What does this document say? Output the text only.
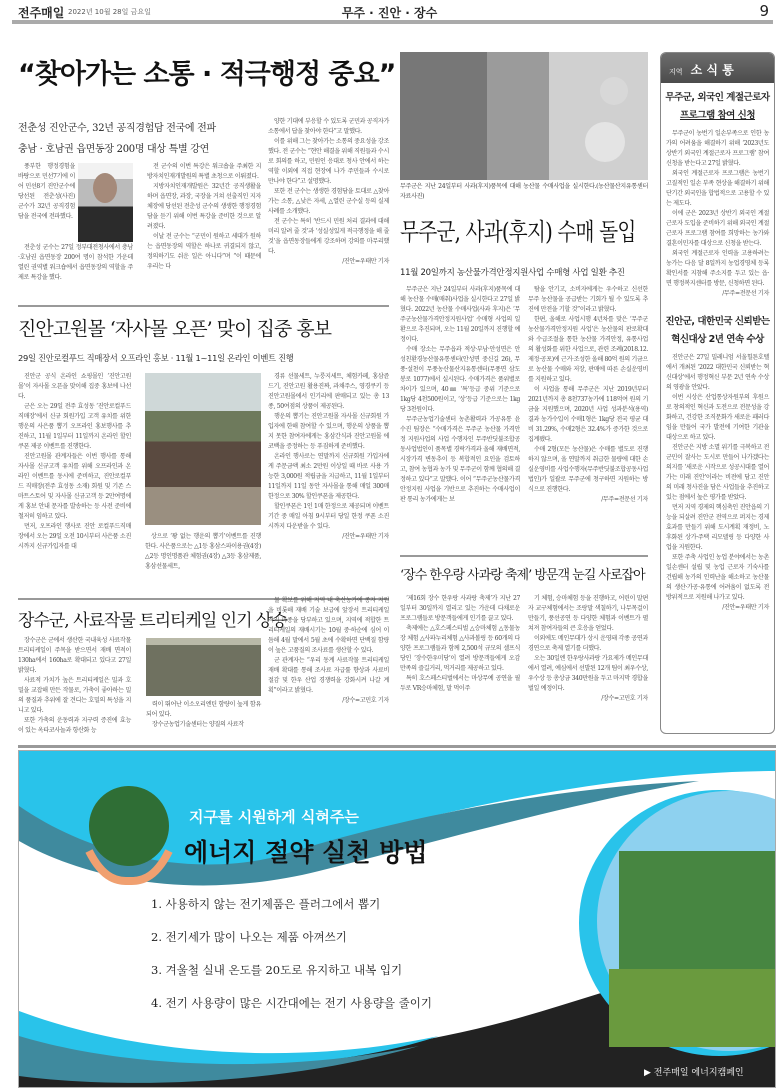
무주 · 진안 · 장수
전주매일 2022년 10월 28일 금요일	9
“찾아가는 소통 · 적극행정 중요”
전춘성 진안군수, 32년 공직경험담 전국에 전파
충남 · 호남권 읍면동장 200명 대상 특별 강연

풍부한 행정경험을 바탕으로 민선7기에 이어 민선8기 진안군수에 당선된 전춘성(사진) 군수가 32년 공직경험담을 전국에 전파했다.

전춘성 군수는 27일 정부대전청사에서 충남·호남권 읍면동장 200여 명이 참석한 가운데 열린 권역별 워크숍에서 읍면동장의 역할을 주제로 특강을 했다.

전 군수의 이번 특강은 워크숍을 주최한 지방자치인재개발원의 특별 초청으로 이뤄졌다.

지방자치인재개발원은 32년간 공직생활을 하며 읍면장, 과장, 국장을 거쳐 선출직인 지자체장에 당선된 전춘성 군수의 생생한 행정경험담을 듣기 위해 이번 특강을 준비한 것으로 알려졌다.

이날 전 군수는 “군민이 원하고 세대가 원하는 읍면동장의 역할은 하나로 귀결되지 않고, 정의하기도 쉬운 일은 아니다”며 “이 때문에 우리는 다

양한 기대에 부응할 수 있도록 군민과 공직자가 소통에서 답을 찾아야 한다”고 말했다.

이를 위해 그는 찾아가는 소통의 중요성을 강조했다. 전 군수는 “현안 해결을 위해 직원들과 수시로 회의를 하고, 민원인 응대로 청사 안에서 하는 역할 이외에 직접 현장에 나가 주민들과 수시로 만나야 한다”고 설명했다.

또한 전 군수는 생생한 경험담을 토대로 △찾아가는 소통, △낮은 자세, △열린 군수실 등의 실제 사례를 소개했다.

전 군수는 특히 ‘반드시 민원 처리 결과에 대해 미리 알려 줄 것’과 ‘성실성있게 적극행정을 해 줄 것’을 읍면동장들에게 강조하며 강의를 마무리했다.

/진안=우태만 기자

진안고원몰 ‘자사몰 오픈’ 맞이 집중 홍보
29일 진안로컬푸드 직매장서 오프라인 홍보 · 11월 1~11일 온라인 이벤트 진행

진안군 공식 온라인 쇼핑몰인 ‘진안고원몰’이 자사몰 오픈을 맞이해 집중 홍보에 나선다.

군은 오는 29일 전주 효성동 ‘진안로컬푸드 직매장’에서 신규 회원가입 고객 유치를 위한 행운의 사은품 뽑기 오프라인 홍보행사를 추진하고, 11월 1일부터 11일까지 온라인 할인 쿠폰 제공 이벤트를 진행한다.

진안고원몰 관계자들은 이번 행사를 통해 자사몰 신규고객 유치를 위해 오프라인과 온라인 이벤트를 동시에 준비하고, 진안로컬푸드 직매장(전주 효성동 소재) 회원 및 기존 스마트스토어 및 자사몰 신규고객 등 2만여명에게 홍보 안내 문자를 발송하는 등 사전 준비에 철저히 임하고 있다.

먼저, 오프라인 행사로 진안 로컬푸드직매장에서 오는 29일 오전 10시부터 사은품 소진 시까지 신규가입자를 대

상으로 ‘꽝 없는 행운의 뽑기’이벤트를 진행한다. 사은품으로는 △1등 홍삼스파이용권(4장) △2등 명인명품관 체험권(4장) △3등 홍삼제품, 홍삼선물세트,

경류 선물세트, 누룽지세트, 체험카페, 홍삼쥰드기, 진안고원 활용진짜, 과채주스, 영경쿠키 등 진안고원몰에서 인기리에 판매되고 있는 총 13종, 50여점의 상품이 제공된다.

행운의 뽑기는 진안고원몰 자사몰 신규회원 가입자에 한해 참여할 수 있으며, 행운의 상품을 뽑지 못한 참여자에게는 홍삼간식과 진안고원몰 에코백을 증정하는 등 푸짐하게 준비했다.

온라인 행사로는 연말까지 신규회원 가입자에게 주문금액 최소 2만원 이상일 때 바로 사용 가능한 3,000원 적립금을 지급하고, 11월 1일부터 11일까지 11일 동안 자사몰을 통해 매일 300매 한정으로 30% 할인쿠폰을 제공한다.

할인쿠폰은 1인 1매 한정으로 제공되며 이벤트 기간 중 매일 아침 9시부터 당일 한정 쿠폰 소진 시까지 다운받을 수 있다.

/진안=우태만 기자

장수군, 사료작물 트리티케일 인기 상승

장수군은 군에서 생산한 국내육성 사료작물 트리티케일이 주목을 받으면서 재배 면적이 130ha에서 160ha로 확대되고 있다고 27일 밝혔다.

사료적 가치가 높은 트리티케일은 밀과 호밀을 교잡해 만든 작물로, 가축이 좋아하는 밀의 품질과 추위에 잘 견디는 호밀의 특성을 지니고 있다.

또한 가축의 운동력과 지구력 증진에 효능이 있는 옥타코사놀과 항산화 능

력이 뛰어난 이소오리엔틴 함량이 높게 함유되어 있다.

장수군농업기술센터는 양질의 사료작

물 확보를 위해 지역 내 축산농가에 종자 지원을 비롯해 재배 기술 보급에 앞장서 트리티케일 적기 파종을 당부하고 있으며, 지역에 적합한 트리티케일의 재배시기는 10월 중·하순에 심어 이듬해 4월 말에서 5월 초에 수확하면 단백질 함량이 높은 고품질의 조사료를 생산할 수 있다.

군 관계자는 “우리 동계 사료작물 트리티케일 재배 확대를 통해 조사료 자급률 향상과 사료비 절감 및 한우 산업 경쟁력을 강화시켜 나갈 계획”이라고 밝혔다.

/장수=고민호 기자

무주군은 지난 24일부터 사과(후지)품목에 대해 농산물 수매사업을 실시한다.(농산물산지유통센터 자료사진)
무주군, 사과(후지) 수매 돌입
11월 20일까지 농산물가격안정지원사업 수매형 사업 일환 추진

무주군은 지난 24일부터 사과(후지)품목에 대해 농산물 수매(매취)사업을 실시한다고 27일 밝혔다. 2022년 농산물 수매사업(사과 후지)은 ‘무주군농산물가격안정지원사업’ 수매형 사업의 일환으로 추진되며, 오는 11월 20일까지 진행할 예정이다.

수매 장소는 무주읍과 적상·부남·안성면은 안성친환경농산물유통센터(안성면 중신길 26), 무풍·설천이 무풍농산물산지유통센터(무풍면 삼도봉로 1077)에서 실시된다. 수매가격은 품위별로 차이가 있으며, 40㎜ ‘특’등급 중위 기준으로 1kg당 4천500원이고, ‘상’등급 기준으로는 1kg당 3천원이다.

무주군농업기술센터 농촌활력과 가공유통 윤수진 팀장은 “수매가격은 무주군 농산물 가격안정 지원사업의 사업 수행자인 무주반딧불조합공동사업법인이 품목별 경락가격과 올해 재배면적, 시장가격 변동추이 등 복합적인 요인을 검토하고, 참여 농협과 농가 및 무주군이 함께 협의해 결정하고 있다”고 말했다. 이어 “무주군농산물가격안정지원 사업을 기반으로 추진하는 수매사업이 판 통리 농가에게는 보

탐을 안기고, 소비자에게는 우수하고 신선한 무주 농산물을 공급받는 기회가 될 수 있도록 추진에 만전을 기할 것”이라고 밝혔다.

한편, 올해로 사업시행 4년차를 맞은 ‘무주군농산물가격안정지원 사업’은 농산물의 판로확대와 수급조절을 통한 농산물 가격안정, 유통사업의 활성화를 위한 사업으로, 관련 조례(2018.12. 제정·공포)에 근거·조성한 올해 80억 원의 기금으로 농산물 수매와 저장, 판매에 따른 손실운영비를 지원하고 있다.

이 사업을 통해 무주군은 지난 2019년부터 2021년까지 총 8천737농가에 118억여 원의 기금을 지원했으며, 2020년 사업 성과분석(용역) 결과 농가수입이 수매1형은 1kg당 전국 평균 대비 31.29%, 수매2형은 32.4%가 증가한 것으로 집계됐다.

수매 2형(모든 농산물)은 수매를 별도로 진행하지 않으며, 올 연말까지 취급한 물량에 대한 손실운영비를 사업수행자(무주반딧불조합공동사업법인)가 일괄로 무주군에 청구하면 지원하는 방식으로 진행한다.

/무주=전문선 기자

‘장수 한우랑 사과랑 축제’ 방문객 눈길 사로잡아

‘제16회 장수 한우랑 사과랑 축제’가 지난 27일부터 30일까지 열리고 있는 가운데 다채로운 프로그램들로 방문객들에게 인기를 끌고 있다.

축제에는 △호스페스티벌 △승마체험 △동물농장 체험 △사파누리체험 △사과볼링 등 60개의 다양한 프로그램들과 함께 2,500석 규모의 셀프식당인 ‘장수한우미당’이 열려 방문객들에게 오감만족의 즐길거리, 먹거리를 제공하고 있다.

특히 호스페스티벌에서는 마상무예 공연을 필두로 VR승마체험, 말 먹이주

기 체험, 승마체험 등을 진행하고, 어린이 말편자 교구체험에서는 조랑말 색칠하기, 나무목걸이 만들기, 풍선공연 등 다양한 체험과 이벤트가 펼쳐져 참여자들의 큰 호응을 얻었다.

이외에도 메인무대가 상시 운영돼 각종 공연과 경연으로 축제 열기를 더했다.

오는 30일엔 한우랑사과랑 가요제가 메인무대에서 열려, 예심에서 선발된 12개 팀이 최우수상, 우수상 등 총상금 340만원을 두고 마지막 경합을 벌일 예정이다.

/장수=고민호 기자

지역 소 식 통
무주군, 외국인 계절근로자
프로그램 참여 신청

무주군이 농번기 일손부족으로 인한 농가의 어려움을 해결하기 위해 ‘2023년도 상반기 외국인 계절근로자 프로그램’ 참여 신청을 받는다고 27일 밝혔다.

외국인 계절근로자 프로그램은 농번기 고질적인 일손 부족 현상을 해결하기 위해 단기간 외국인을 합법적으로 고용할 수 있는 제도다.

이에 군은 2023년 상반기 외국인 계절근로자 도입을 준비하기 위해 외국인 계절근로자 프로그램 참여를 희망하는 농가와 결혼이민자를 대상으로 신청을 받는다.

외국인 계절근로자 인력을 고용하려는 농가는 다음 달 8일까지 농업경영체 등록 확인서를 지참해 주소지를 두고 있는 읍·면 행정복지센터를 방문, 신청하면 된다.

/무주=전문선 기자

진안군, 대한민국 신뢰받는
혁신대상 2년 연속 수상

진안군은 27일 밀레니엄 서울힐튼호텔에서 개최된 ‘2022 대한민국 신뢰받는 혁신대상’에서 행정혁신 부문 2년 연속 수상의 영광을 안았다.

이번 시상은 산업통상자원부의 후원으로 창의적인 혁신과 도전으로 전문성을 강화하고, 건강한 조직문화가 새로운 패러다임을 만들어 국가 발전에 기여한 기관을 대상으로 하고 있다.

진안군은 지방 소멸 위기를 극복하고 전 군민이 잘사는 도시로 만들어 나가겠다는 의지를 ‘새로운 시작으로 성공시대를 열어가는 미래 진안’이라는 비전에 담고 진안의 미래 청사진을 담은 사업들을 추진하고 있는 점에서 높은 평가를 받았다.

먼저 지역 경제의 핵심축인 진안읍의 기능을 되살려 진안군 전역으로 퍼지는 경제효과를 만들기 위해 도시계획 재정비, 노후화된 상가·주택 리모델링 등 다양한 사업을 지원한다.

또한 주축 사업인 농업 분야에서는 농촌일손센터 설립 및 농업 근로자 기숙사를 건립해 농가의 인력난을 해소하고 농산물의 생산·가공·유통에 어려움이 없도록 전방위적으로 지원해 나가고 있다.

/진안=우태만 기자

지구를 시원하게 식혀주는
에너지 절약 실천 방법
1. 사용하지 않는 전기제품은 플러그에서 뽑기
2. 전기세가 많이 나오는 제품 아껴쓰기
3. 겨울철 실내 온도를 20도로 유지하고 내복 입기
4. 전기 사용량이 많은 시간대에는 전기 사용량을 줄이기
▶ 전주매일 에너지캠페인
